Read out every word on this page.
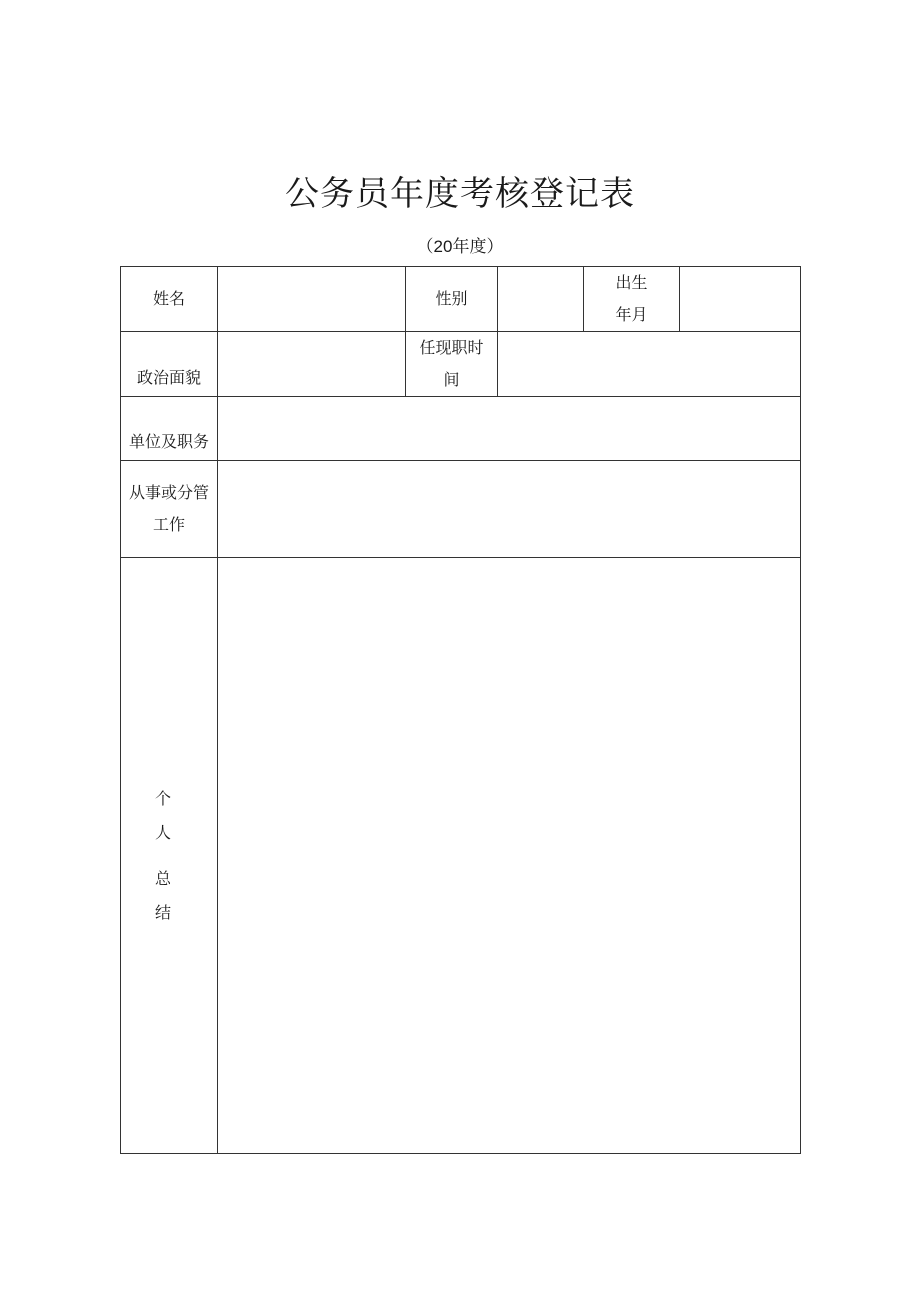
公务员年度考核登记表
（20年度）
姓名		性别		出生
年月	

政治面貌		任现职时
间			

单位及职务					

从事或分管
工作					

个
人
总
结					
